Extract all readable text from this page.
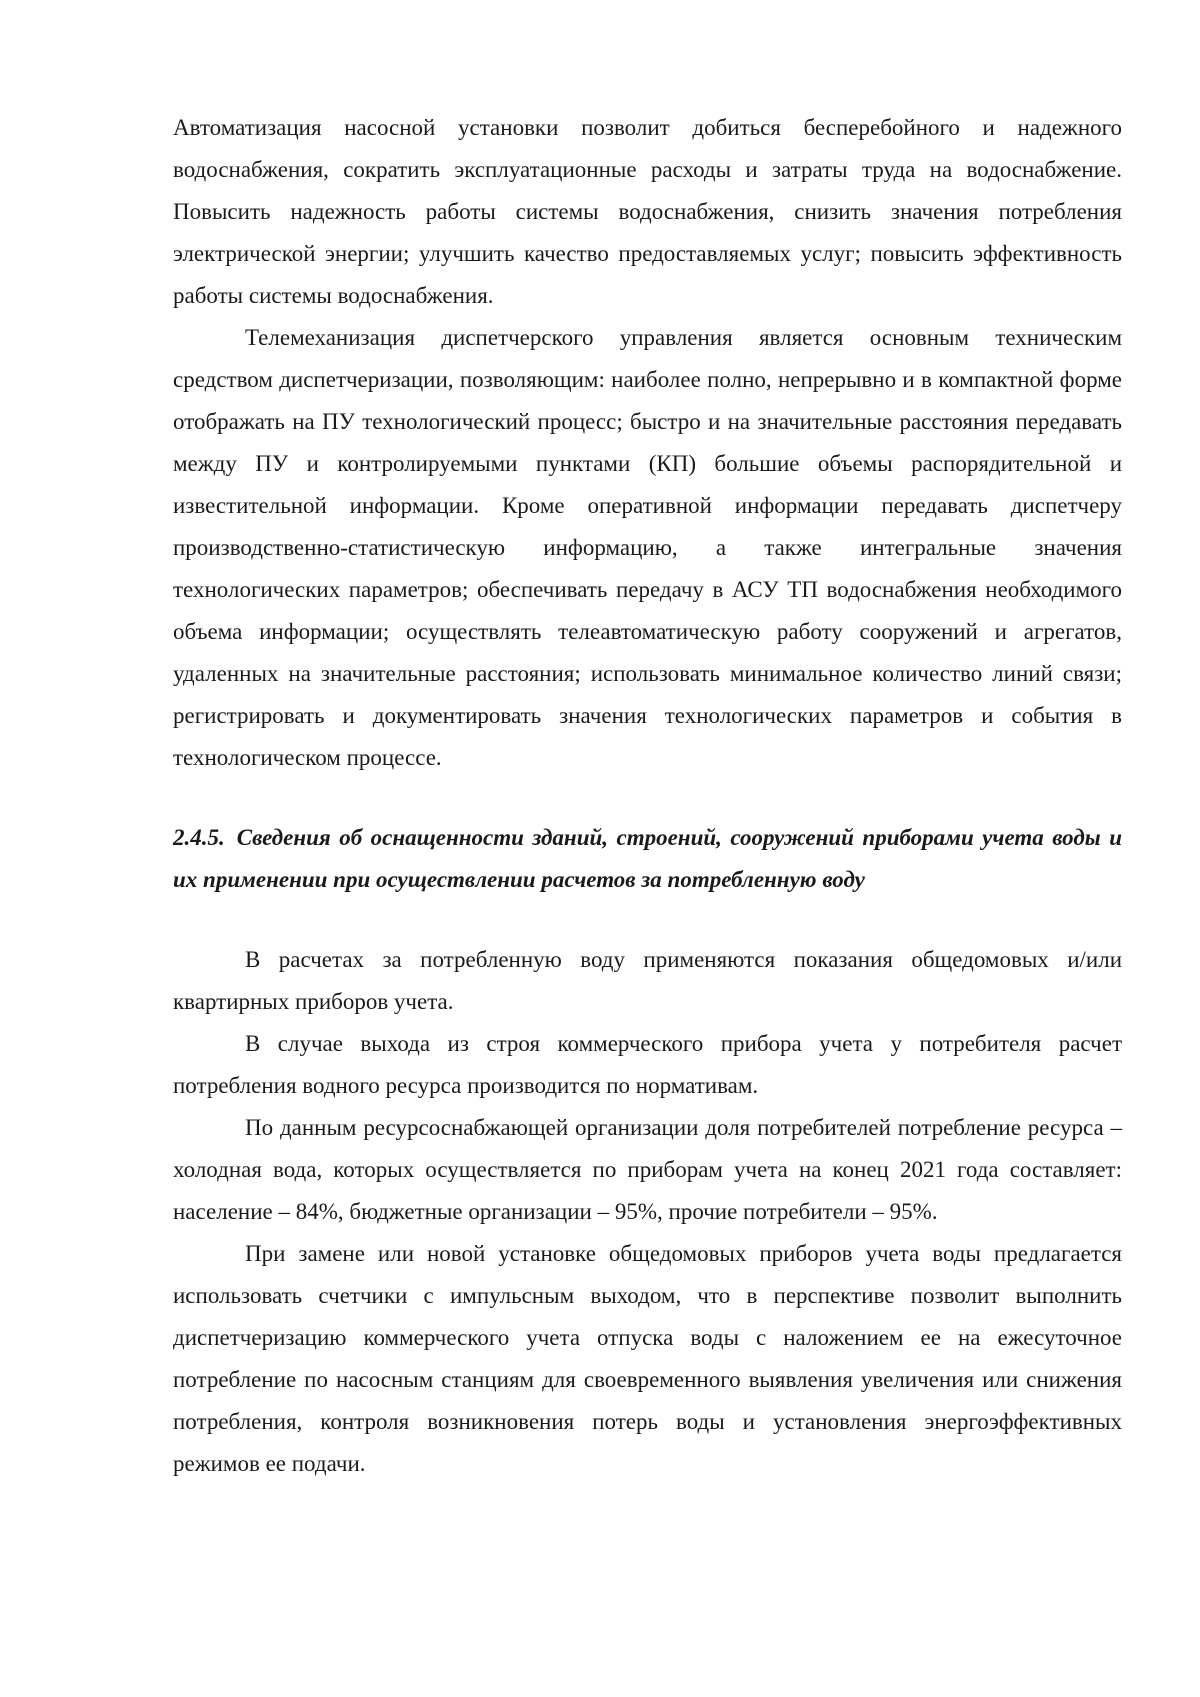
Автоматизация насосной установки позволит добиться бесперебойного и надежного водоснабжения, сократить эксплуатационные расходы и затраты труда на водоснабжение. Повысить надежность работы системы водоснабжения, снизить значения потребления электрической энергии; улучшить качество предоставляемых услуг; повысить эффективность работы системы водоснабжения.

Телемеханизация диспетчерского управления является основным техническим средством диспетчеризации, позволяющим: наиболее полно, непрерывно и в компактной форме отображать на ПУ технологический процесс; быстро и на значительные расстояния передавать между ПУ и контролируемыми пунктами (КП) большие объемы распорядительной и известительной информации. Кроме оперативной информации передавать диспетчеру производственно-статистическую информацию, а также интегральные значения технологических параметров; обеспечивать передачу в АСУ ТП водоснабжения необходимого объема информации; осуществлять телеавтоматическую работу сооружений и агрегатов, удаленных на значительные расстояния; использовать минимальное количество линий связи; регистрировать и документировать значения технологических параметров и события в технологическом процессе.

2.4.5. Сведения об оснащенности зданий, строений, сооружений приборами учета воды и их применении при осуществлении расчетов за потребленную воду

В расчетах за потребленную воду применяются показания общедомовых и/или квартирных приборов учета.

В случае выхода из строя коммерческого прибора учета у потребителя расчет потребления водного ресурса производится по нормативам.

По данным ресурсоснабжающей организации доля потребителей потребление ресурса – холодная вода, которых осуществляется по приборам учета на конец 2021 года составляет: население – 84%, бюджетные организации – 95%, прочие потребители – 95%.

При замене или новой установке общедомовых приборов учета воды предлагается использовать счетчики с импульсным выходом, что в перспективе позволит выполнить диспетчеризацию коммерческого учета отпуска воды с наложением ее на ежесуточное потребление по насосным станциям для своевременного выявления увеличения или снижения потребления, контроля возникновения потерь воды и установления энергоэффективных режимов ее подачи.
